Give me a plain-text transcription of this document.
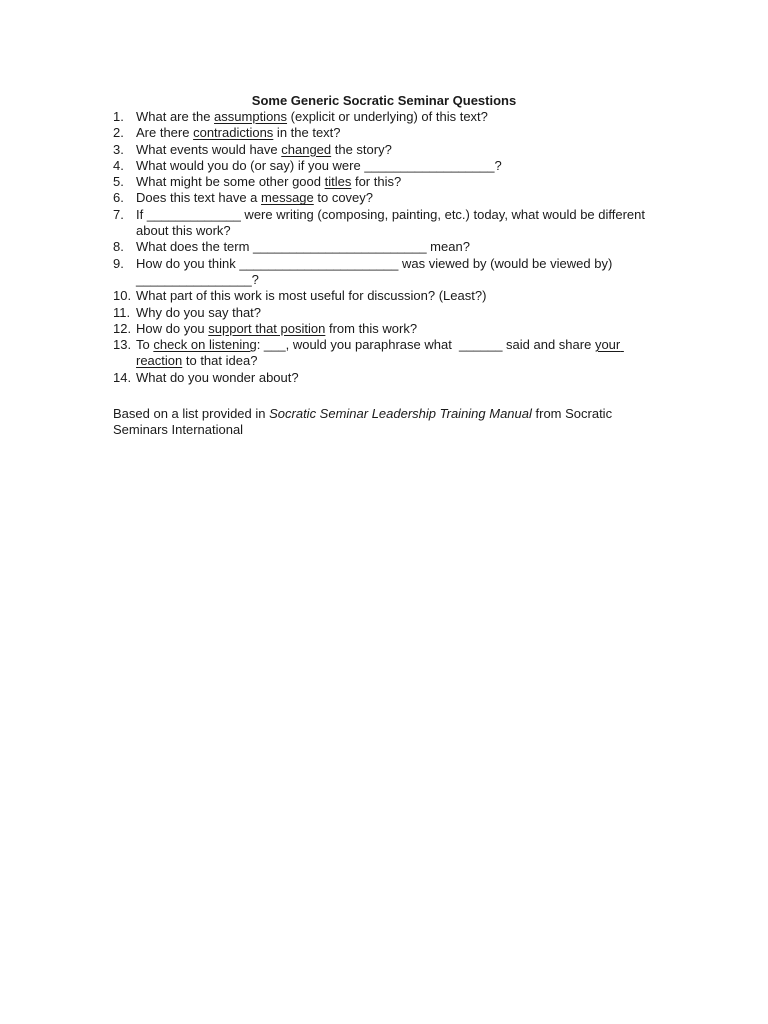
Some Generic Socratic Seminar Questions
1. What are the assumptions (explicit or underlying) of this text?
2. Are there contradictions in the text?
3. What events would have changed the story?
4. What would you do (or say) if you were __________________?
5. What might be some other good titles for this?
6. Does this text have a message to covey?
7. If _____________ were writing (composing, painting, etc.) today, what would be different about this work?
8. What does the term ________________________ mean?
9. How do you think ______________________ was viewed by (would be viewed by) ________________?
10. What part of this work is most useful for discussion? (Least?)
11. Why do you say that?
12. How do you support that position from this work?
13. To check on listening: ___, would you paraphrase what  ______ said and share your reaction to that idea?
14. What do you wonder about?

Based on a list provided in Socratic Seminar Leadership Training Manual from Socratic Seminars International
